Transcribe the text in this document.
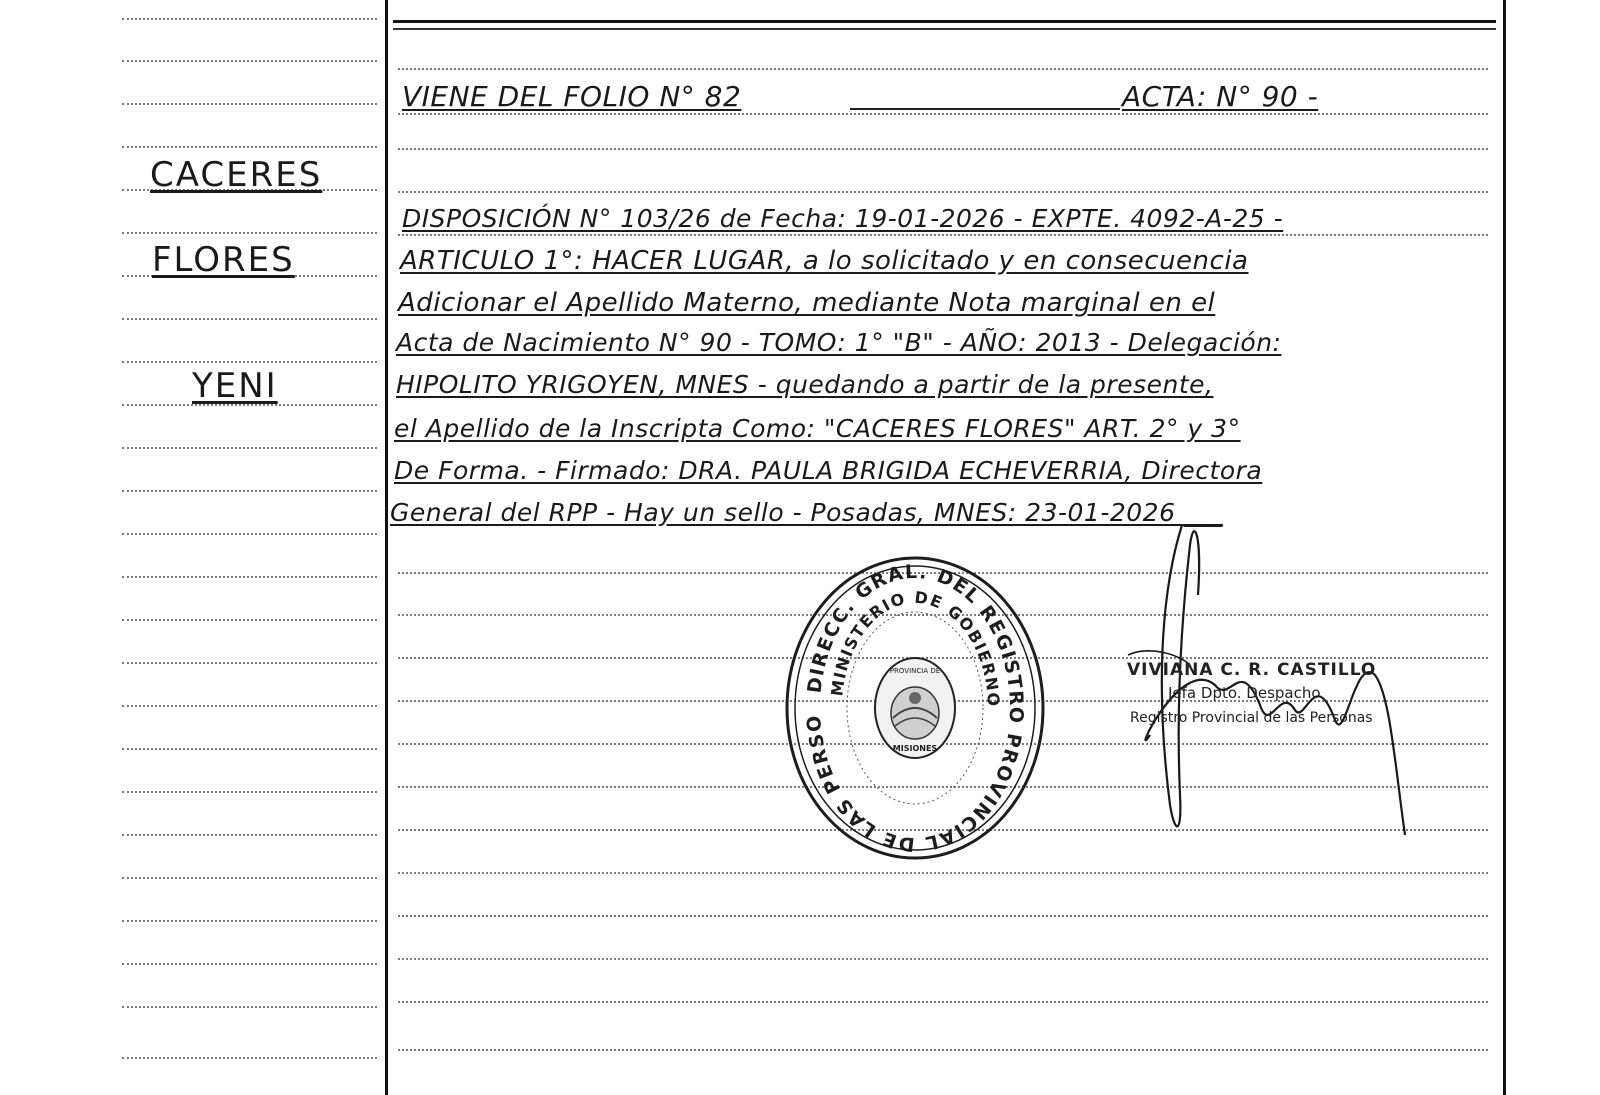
CACERES
FLORES
YENI
VIENE DEL FOLIO N° 82	ACTA: N° 90 -
DISPOSICIÓN N° 103/26 de Fecha: 19-01-2026 - EXPTE. 4092-A-25 -
ARTICULO 1°: HACER LUGAR, a lo solicitado y en consecuencia
Adicionar el Apellido Materno, mediante Nota marginal en el
Acta de Nacimiento N° 90 - TOMO: 1° "B" - AÑO: 2013 - Delegación:
HIPOLITO YRIGOYEN, MNES - quedando a partir de la presente,
el Apellido de la Inscripta Como: "CACERES FLORES" ART. 2° y 3°
De Forma. - Firmado: DRA. PAULA BRIGIDA ECHEVERRIA, Directora
General del RPP - Hay un sello - Posadas, MNES: 23-01-2026 ___
DIRECC. GRAL. DEL REGISTRO PROVINCIAL DE LAS PERSO
MINISTERIO DE GOBIERNO
PROVINCIA DE
MISIONES
VIVIANA C. R. CASTILLO
Jefa Dpto. Despacho
Registro Provincial de las Personas
